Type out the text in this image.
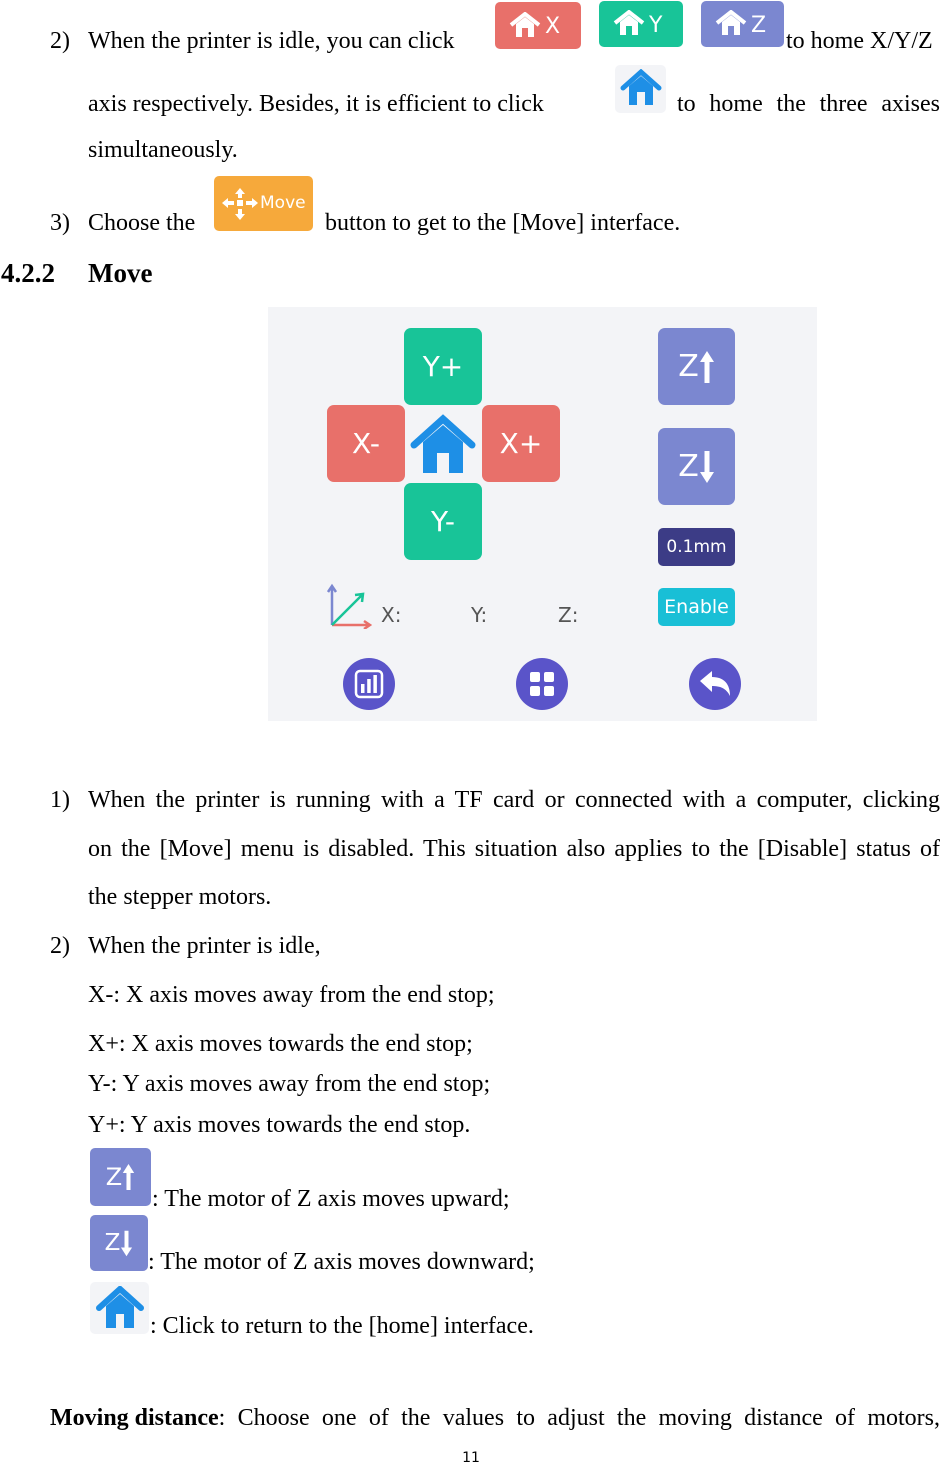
2) When the printer is idle, you can click
X	Y	Z
to home X/Y/Z
axis respectively. Besides, it is efficient to click	to home the three axises
simultaneously.
3) Choose the
Move
button to get to the [Move] interface.
4.2.2 Move
Y+
X-	X+
Y-
Z
Z
0.1mm
Enable
X:	Y:	Z:
1) When the printer is running with a TF card or connected with a computer, clicking
on the [Move] menu is disabled. This situation also applies to the [Disable] status of
the stepper motors.
2) When the printer is idle,
X-: X axis moves away from the end stop;
X+: X axis moves towards the end stop;
Y-: Y axis moves away from the end stop;
Y+: Y axis moves towards the end stop.
Z
: The motor of Z axis moves upward;
Z
: The motor of Z axis moves downward;
: Click to return to the [home] interface.
Moving distance : Choose one of the values to adjust the moving distance of motors,
11
